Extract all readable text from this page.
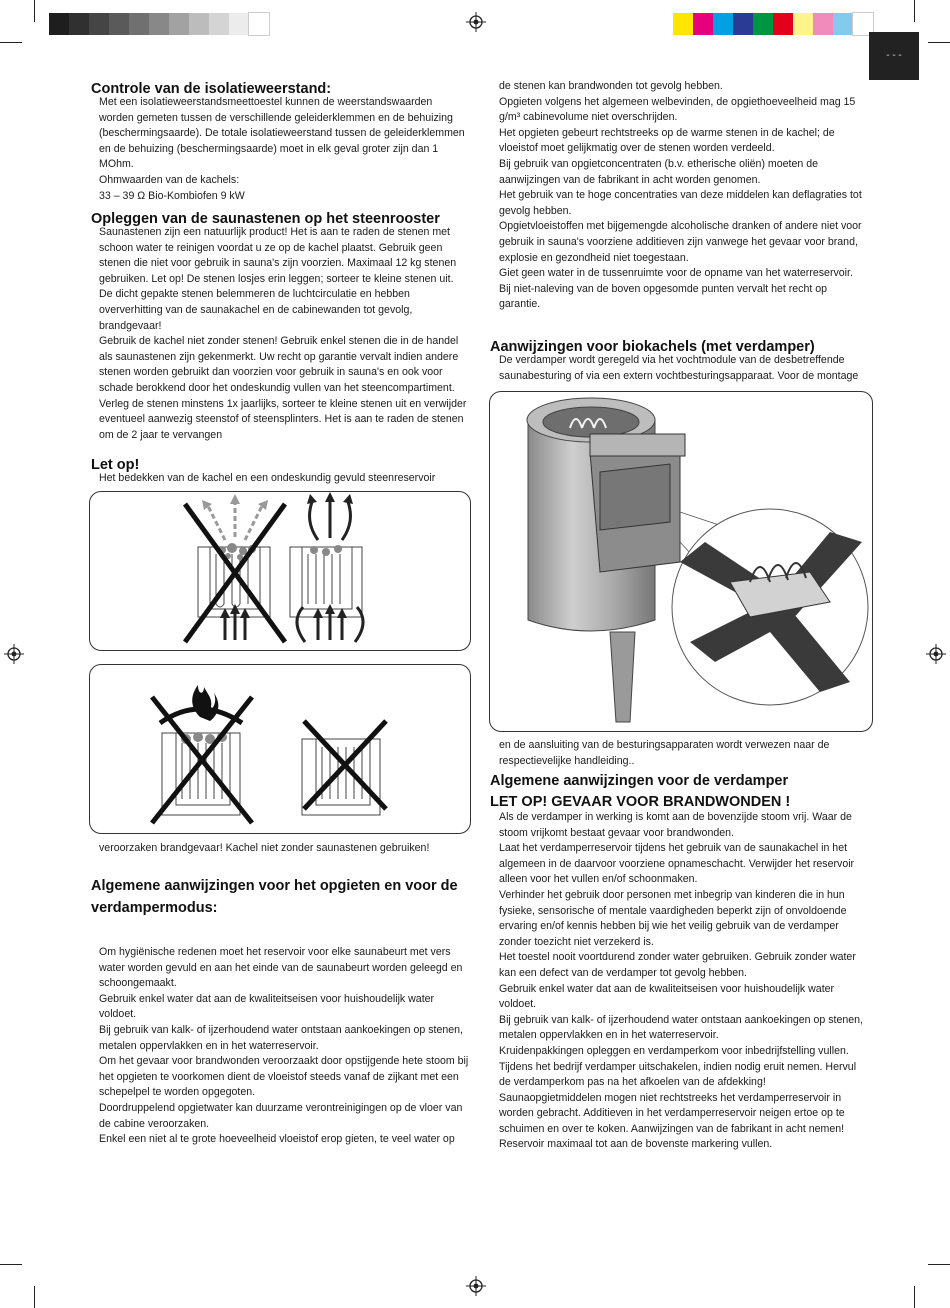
- - -
Controle van de isolatieweerstand:
Met een isolatieweerstandsmeettoestel kunnen de weerstandswaarden
worden gemeten tussen de verschillende geleiderklemmen en de behuizing
(beschermingsaarde). De totale isolatieweerstand tussen de geleiderklemmen
en de behuizing (beschermingsaarde) moet in elk geval groter zijn dan 1
MOhm.
Ohmwaarden van de kachels:
33 – 39 Ω Bio-Kombiofen 9 kW
Opleggen van de saunastenen op het steenrooster
Saunastenen zijn een natuurlijk product! Het is aan te raden de stenen met
schoon water te reinigen voordat u ze op de kachel plaatst. Gebruik geen
stenen die niet voor gebruik in sauna's zijn voorzien. Maximaal 12 kg stenen
gebruiken. Let op! De stenen losjes erin leggen; sorteer te kleine stenen uit.
De dicht gepakte stenen belemmeren de luchtcirculatie en hebben
oververhitting van de saunakachel en de cabinewanden tot gevolg,
brandgevaar!
Gebruik de kachel niet zonder stenen! Gebruik enkel stenen die in de handel
als saunastenen zijn gekenmerkt. Uw recht op garantie vervalt indien andere
stenen worden gebruikt dan voorzien voor gebruik in sauna's en ook voor
schade berokkend door het ondeskundig vullen van het steencompartiment.
Verleg de stenen minstens 1x jaarlijks, sorteer te kleine stenen uit en verwijder
eventueel aanwezig steenstof of steensplinters. Het is aan te raden de stenen
om de 2 jaar te vervangen
Let op!
Het bedekken van de kachel en een ondeskundig gevuld steenreservoir
veroorzaken brandgevaar! Kachel niet zonder saunastenen gebruiken!
Algemene aanwijzingen voor het opgieten en voor de
verdampermodus:
Om hygiënische redenen moet het reservoir voor elke saunabeurt met vers
water worden gevuld en aan het einde van de saunabeurt worden geleegd en
schoongemaakt.
Gebruik enkel water dat aan de kwaliteitseisen voor huishoudelijk water
voldoet.
Bij gebruik van kalk- of ijzerhoudend water ontstaan aankoekingen op stenen,
metalen oppervlakken en in het waterreservoir.
Om het gevaar voor brandwonden veroorzaakt door opstijgende hete stoom bij
het opgieten te voorkomen dient de vloeistof steeds vanaf de zijkant met een
schepelpel te worden opgegoten.
Doordruppelend opgietwater kan duurzame verontreinigingen op de vloer van
de cabine veroorzaken.
Enkel een niet al te grote hoeveelheid vloeistof erop gieten, te veel water op
de stenen kan brandwonden tot gevolg hebben.
Opgieten volgens het algemeen welbevinden, de opgiethoeveelheid mag 15
g/m³ cabinevolume niet overschrijden.
Het opgieten gebeurt rechtstreeks op de warme stenen in de kachel; de
vloeistof moet gelijkmatig over de stenen worden verdeeld.
Bij gebruik van opgietconcentraten (b.v. etherische oliën) moeten de
aanwijzingen van de fabrikant in acht worden genomen.
Het gebruik van te hoge concentraties van deze middelen kan deflagraties tot
gevolg hebben.
Opgietvloeistoffen met bijgemengde alcoholische dranken of andere niet voor
gebruik in sauna's voorziene additieven zijn vanwege het gevaar voor brand,
explosie en gezondheid niet toegestaan.
Giet geen water in de tussenruimte voor de opname van het waterreservoir.
Bij niet-naleving van de boven opgesomde punten vervalt het recht op
garantie.
Aanwijzingen voor biokachels (met verdamper)
De verdamper wordt geregeld via het vochtmodule van de desbetreffende
saunabesturing of via een extern vochtbesturingsapparaat. Voor de montage
en de aansluiting van de besturingsapparaten wordt verwezen naar de
respectievelijke handleiding..
Algemene aanwijzingen voor de verdamper
LET OP! GEVAAR VOOR BRANDWONDEN !
Als de verdamper in werking is komt aan de bovenzijde stoom vrij. Waar de
stoom vrijkomt bestaat gevaar voor brandwonden.
Laat het verdamperreservoir tijdens het gebruik van de saunakachel in het
algemeen in de daarvoor voorziene opnameschacht. Verwijder het reservoir
alleen voor het vullen en/of schoonmaken.
Verhinder het gebruik door personen met inbegrip van kinderen die in hun
fysieke, sensorische of mentale vaardigheden beperkt zijn of onvoldoende
ervaring en/of kennis hebben bij wie het veilig gebruik van de verdamper
zonder toezicht niet verzekerd is.
Het toestel nooit voortdurend zonder water gebruiken. Gebruik zonder water
kan een defect van de verdamper tot gevolg hebben.
Gebruik enkel water dat aan de kwaliteitseisen voor huishoudelijk water
voldoet.
Bij gebruik van kalk- of ijzerhoudend water ontstaan aankoekingen op stenen,
metalen oppervlakken en in het waterreservoir.
Kruidenpakkingen opleggen en verdamperkom voor inbedrijfstelling vullen.
Tijdens het bedrijf verdamper uitschakelen, indien nodig eruit nemen. Hervul
de verdamperkom pas na het afkoelen van de afdekking!
Saunaopgietmiddelen mogen niet rechtstreeks het verdamperreservoir in
worden gebracht. Additieven in het verdamperreservoir neigen ertoe op te
schuimen en over te koken. Aanwijzingen van de fabrikant in acht nemen!
Reservoir maximaal tot aan de bovenste markering vullen.
